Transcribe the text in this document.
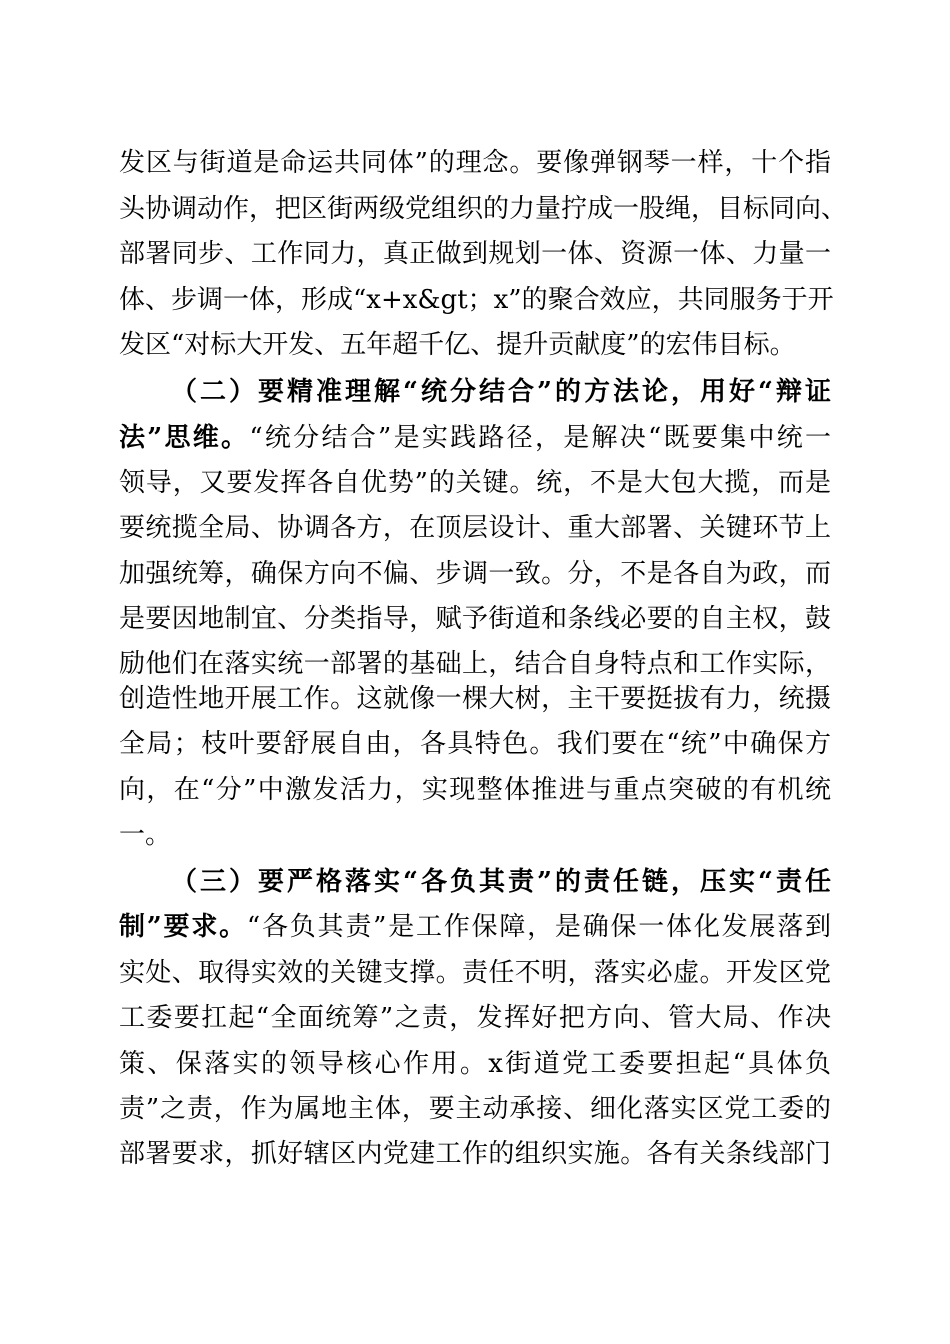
发区与街道是命运共同体”的理念。要像弹钢琴一样，十个指
头协调动作，把区街两级党组织的力量拧成一股绳，目标同向、
部署同步、工作同力，真正做到规划一体、资源一体、力量一
体、步调一体，形成“x+x&gt；x”的聚合效应，共同服务于开
发区“对标大开发、五年超千亿、提升贡献度”的宏伟目标。
（二）要精准理解“统分结合”的方法论，用好“辩证
法”思维。“统分结合”是实践路径，是解决“既要集中统一
领导，又要发挥各自优势”的关键。统，不是大包大揽，而是
要统揽全局、协调各方，在顶层设计、重大部署、关键环节上
加强统筹，确保方向不偏、步调一致。分，不是各自为政，而
是要因地制宜、分类指导，赋予街道和条线必要的自主权，鼓
励他们在落实统一部署的基础上，结合自身特点和工作实际，
创造性地开展工作。这就像一棵大树，主干要挺拔有力，统摄
全局；枝叶要舒展自由，各具特色。我们要在“统”中确保方
向，在“分”中激发活力，实现整体推进与重点突破的有机统
一。
（三）要严格落实“各负其责”的责任链，压实“责任
制”要求。“各负其责”是工作保障，是确保一体化发展落到
实处、取得实效的关键支撑。责任不明，落实必虚。开发区党
工委要扛起“全面统筹”之责，发挥好把方向、管大局、作决
策、保落实的领导核心作用。x街道党工委要担起“具体负
责”之责，作为属地主体，要主动承接、细化落实区党工委的
部署要求，抓好辖区内党建工作的组织实施。各有关条线部门
